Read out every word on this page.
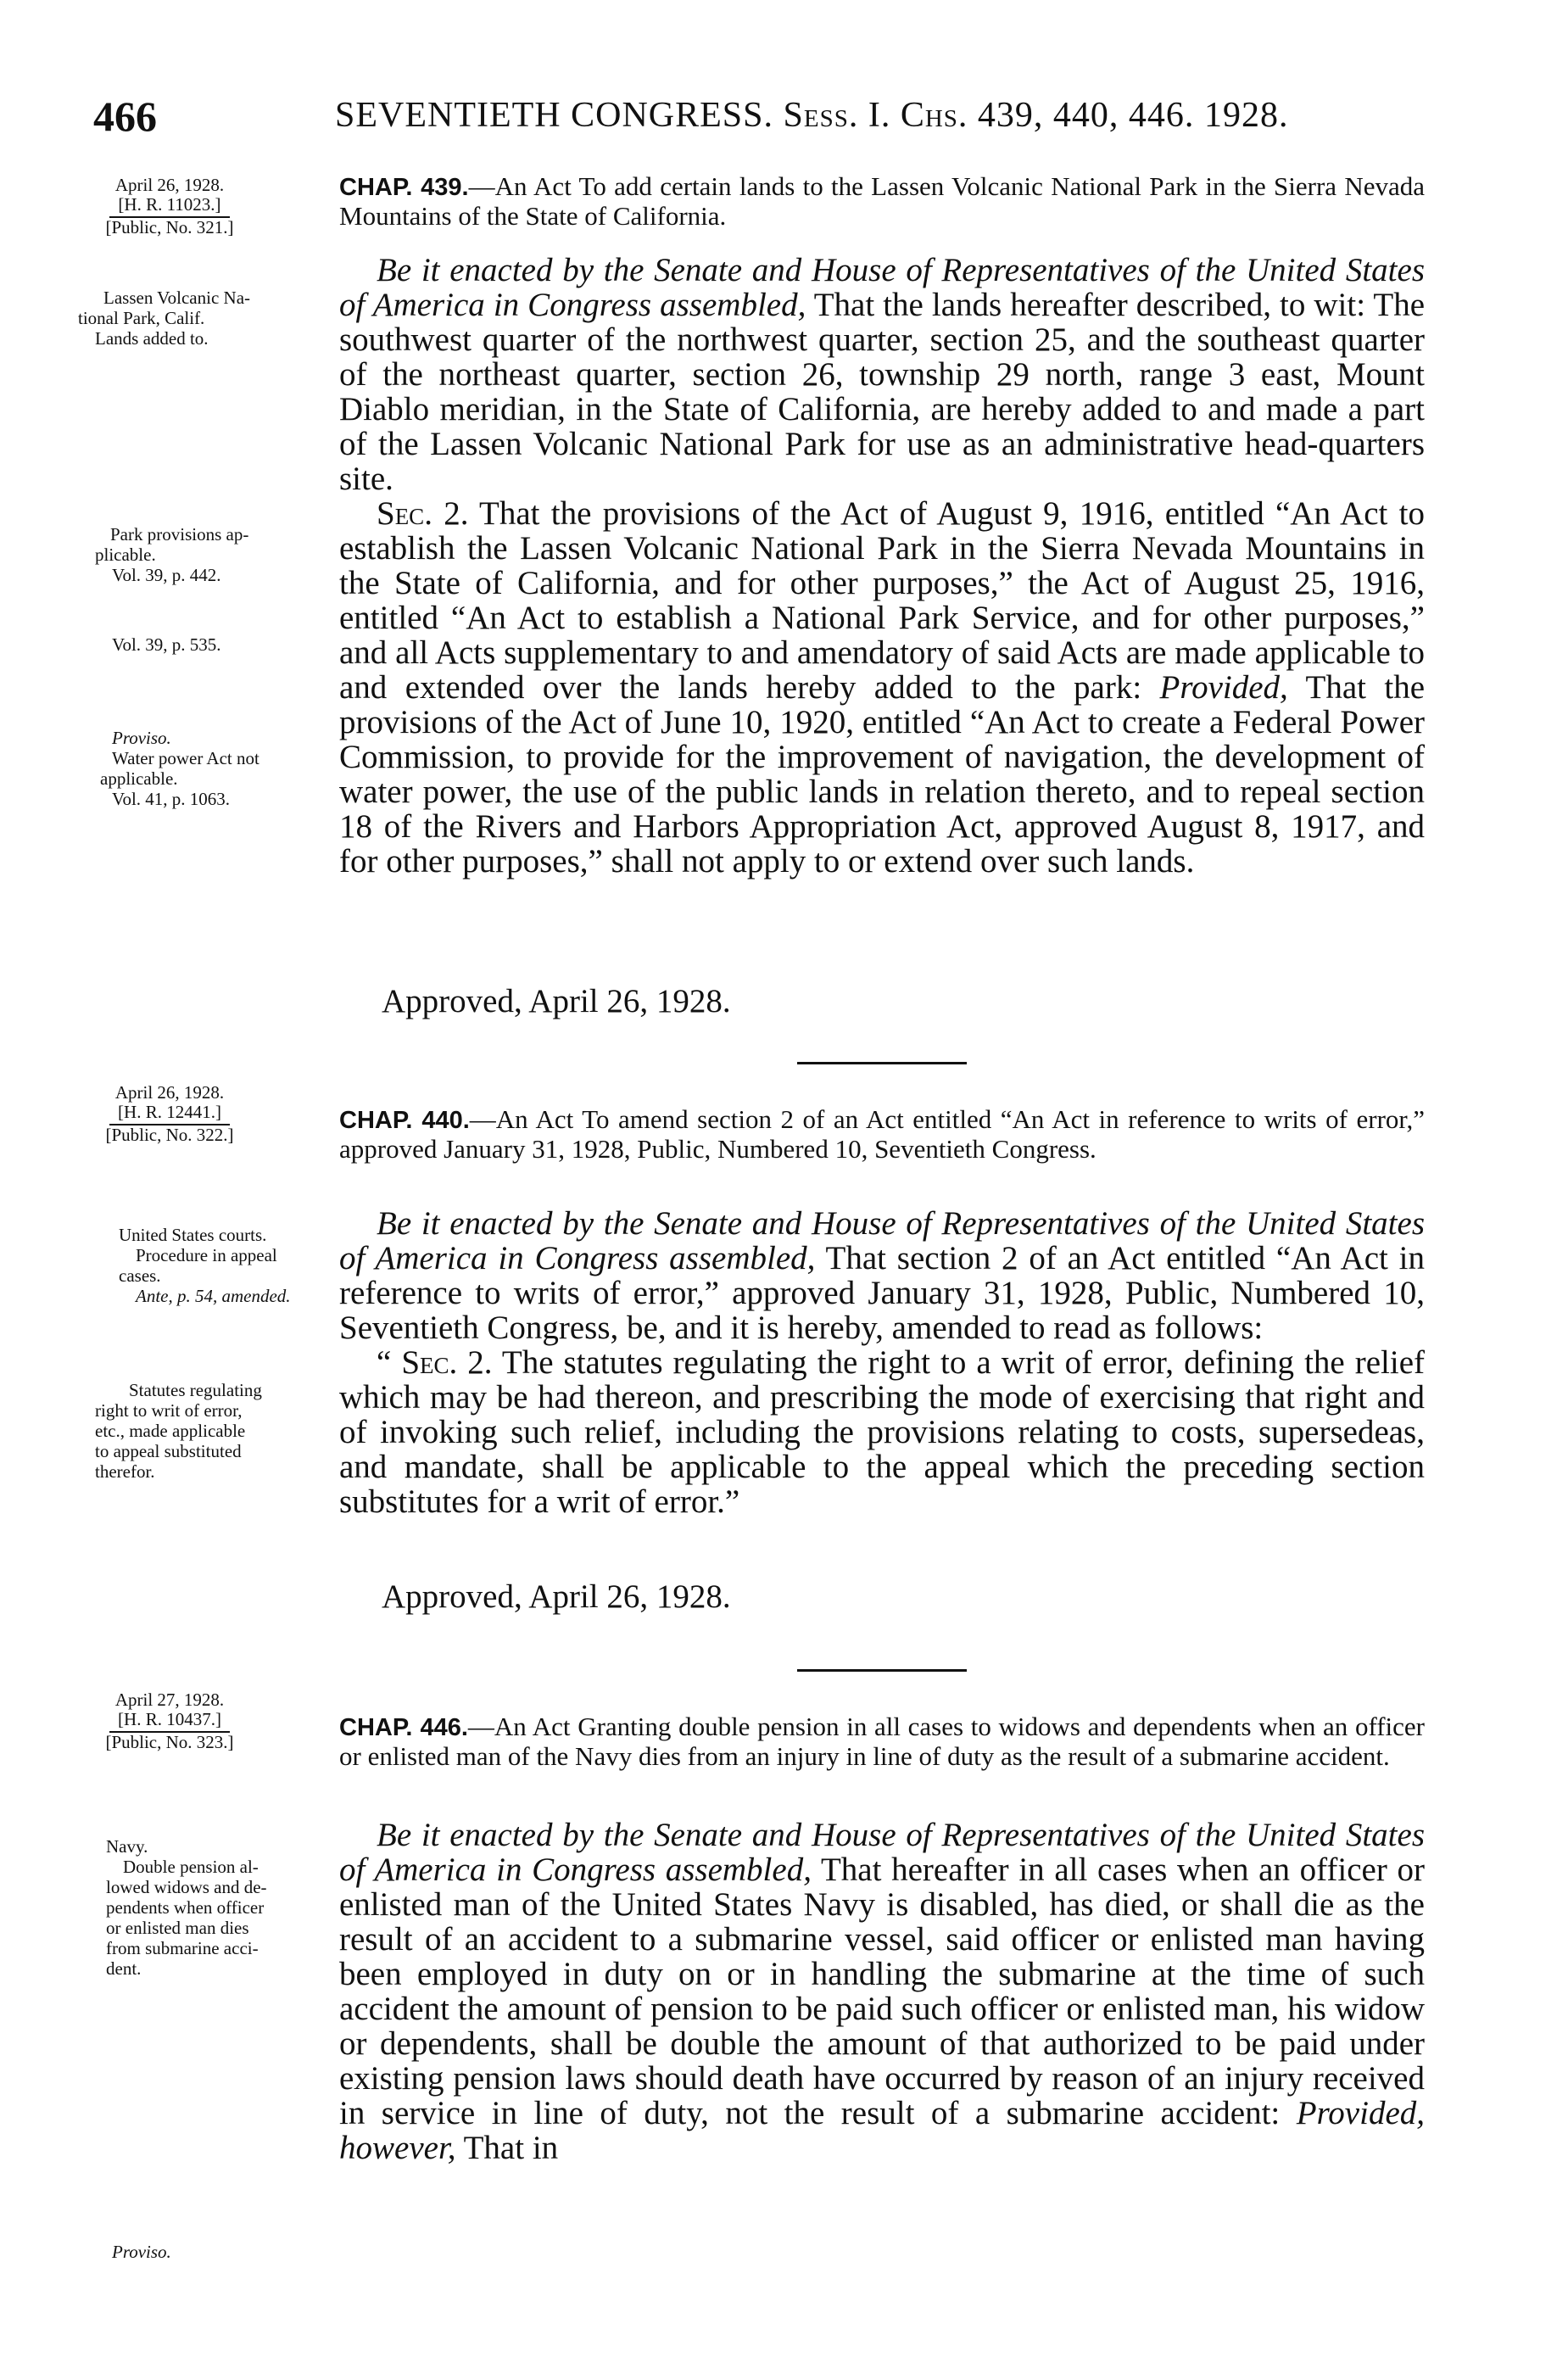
466	SEVENTIETH CONGRESS. Sess. I. Chs. 439, 440, 446. 1928.
April 26, 1928.
[H. R. 11023.]
[Public, No. 321.]
CHAP. 439.—An Act To add certain lands to the Lassen Volcanic National Park in the Sierra Nevada Mountains of the State of California.
Lassen Volcanic Na-
tional Park, Calif.
Lands added to.

Be it enacted by the Senate and House of Representatives of the United States of America in Congress assembled, That the lands hereafter described, to wit: The southwest quarter of the northwest quarter, section 25, and the southeast quarter of the northeast quarter, section 26, township 29 north, range 3 east, Mount Diablo meridian, in the State of California, are hereby added to and made a part of the Lassen Volcanic National Park for use as an administrative head-quarters site.

Sec. 2. That the provisions of the Act of August 9, 1916, entitled “An Act to establish the Lassen Volcanic National Park in the Sierra Nevada Mountains in the State of California, and for other purposes,” the Act of August 25, 1916, entitled “An Act to establish a National Park Service, and for other purposes,” and all Acts supplementary to and amendatory of said Acts are made applicable to and extended over the lands hereby added to the park: Provided, That the provisions of the Act of June 10, 1920, entitled “An Act to create a Federal Power Commission, to provide for the improvement of navigation, the development of water power, the use of the public lands in relation thereto, and to repeal section 18 of the Rivers and Harbors Appropriation Act, approved August 8, 1917, and for other purposes,” shall not apply to or extend over such lands.

Park provisions ap-
plicable.
Vol. 39, p. 442.
Vol. 39, p. 535.
Proviso.
Water power Act not
applicable.
Vol. 41, p. 1063.
Approved, April 26, 1928.
April 26, 1928.
[H. R. 12441.]
[Public, No. 322.]
CHAP. 440.—An Act To amend section 2 of an Act entitled “An Act in reference to writs of error,” approved January 31, 1928, Public, Numbered 10, Seventieth Congress.
United States courts.
Procedure in appeal
cases.
Ante, p. 54, amended.

Be it enacted by the Senate and House of Representatives of the United States of America in Congress assembled, That section 2 of an Act entitled “An Act in reference to writs of error,” approved January 31, 1928, Public, Numbered 10, Seventieth Congress, be, and it is hereby, amended to read as follows:

“ Sec. 2. The statutes regulating the right to a writ of error, defining the relief which may be had thereon, and prescribing the mode of exercising that right and of invoking such relief, including the provisions relating to costs, supersedeas, and mandate, shall be applicable to the appeal which the preceding section substitutes for a writ of error.”

Statutes regulating
right to writ of error,
etc., made applicable
to appeal substituted
therefor.
Approved, April 26, 1928.
April 27, 1928.
[H. R. 10437.]
[Public, No. 323.]
CHAP. 446.—An Act Granting double pension in all cases to widows and dependents when an officer or enlisted man of the Navy dies from an injury in line of duty as the result of a submarine accident.
Navy.
Double pension al-
lowed widows and de-
pendents when officer
or enlisted man dies
from submarine acci-
dent.

Be it enacted by the Senate and House of Representatives of the United States of America in Congress assembled, That hereafter in all cases when an officer or enlisted man of the United States Navy is disabled, has died, or shall die as the result of an accident to a submarine vessel, said officer or enlisted man having been employed in duty on or in handling the submarine at the time of such accident the amount of pension to be paid such officer or enlisted man, his widow or dependents, shall be double the amount of that authorized to be paid under existing pension laws should death have occurred by reason of an injury received in service in line of duty, not the result of a submarine accident: Provided, however, That in

Proviso.
